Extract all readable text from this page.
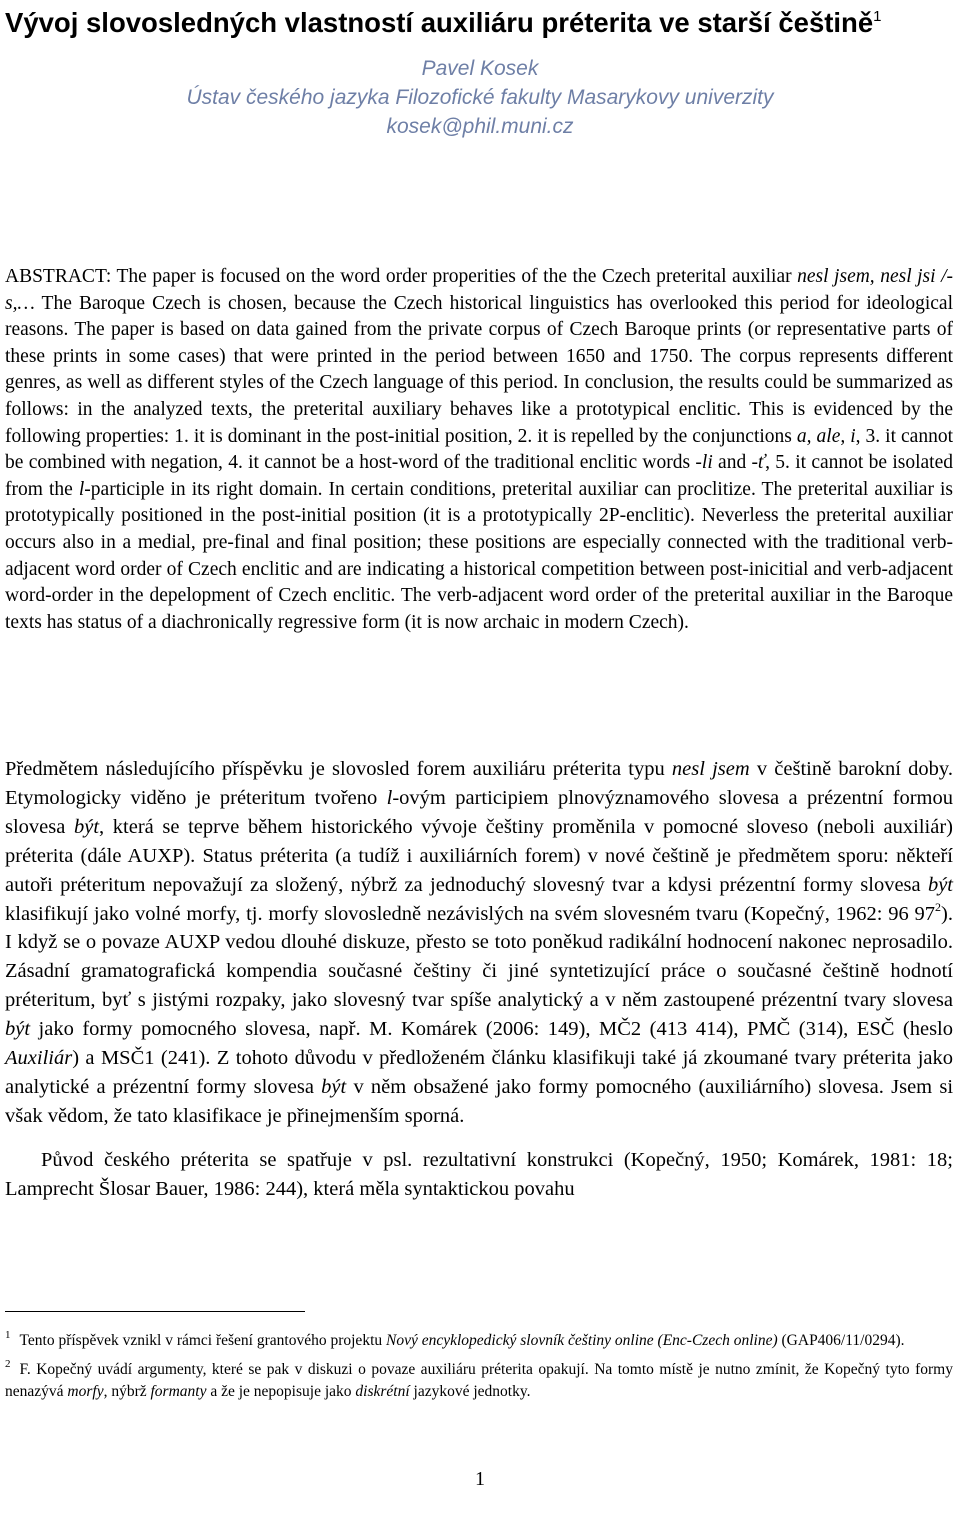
Vývoj slovosledných vlastností auxiliáru préterita ve starší češtině$^1$
Pavel Kosek
Ústav českého jazyka Filozofické fakulty Masarykovy univerzity
kosek@phil.muni.cz
ABSTRACT: The paper is focused on the word order properities of the the Czech preterital auxiliar nesl jsem, nesl jsi /-s,… The Baroque Czech is chosen, because the Czech historical linguistics has overlooked this period for ideological reasons. The paper is based on data gained from the private corpus of Czech Baroque prints (or representative parts of these prints in some cases) that were printed in the period between 1650 and 1750. The corpus represents different genres, as well as different styles of the Czech language of this period. In conclusion, the results could be summarized as follows: in the analyzed texts, the preterital auxiliary behaves like a prototypical enclitic. This is evidenced by the following properties: 1. it is dominant in the post-initial position, 2. it is repelled by the conjunctions a, ale, i, 3. it cannot be combined with negation, 4. it cannot be a host-word of the traditional enclitic words -li and -ť, 5. it cannot be isolated from the l-participle in its right domain. In certain conditions, preterital auxiliar can proclitize. The preterital auxiliar is prototypically positioned in the post-initial position (it is a prototypically 2P-enclitic). Neverless the preterital auxiliar occurs also in a medial, pre-final and final position; these positions are especially connected with the traditional verb-adjacent word order of Czech enclitic and are indicating a historical competition between post-inicitial and verb-adjacent word-order in the depelopment of Czech enclitic. The verb-adjacent word order of the preterital auxiliar in the Baroque texts has status of a diachronically regressive form (it is now archaic in modern Czech).

Předmětem následujícího příspěvku je slovosled forem auxiliáru préterita typu nesl jsem v češtině barokní doby. Etymologicky viděno je préteritum tvořeno l-ovým participiem plnovýznamového slovesa a prézentní formou slovesa být, která se teprve během historického vývoje češtiny proměnila v pomocné sloveso (neboli auxiliár) préterita (dále AUXP). Status préterita (a tudíž i auxiliárních forem) v nové češtině je předmětem sporu: někteří autoři préteritum nepovažují za složený, nýbrž za jednoduchý slovesný tvar a kdysi prézentní formy slovesa být klasifikují jako volné morfy, tj. morfy slovosledně nezávislých na svém slovesném tvaru (Kopečný, 1962: 96 $97^2$). I když se o povaze AUXP vedou dlouhé diskuze, přesto se toto poněkud radikální hodnocení nakonec neprosadilo. Zásadní gramatografická kompendia současné češtiny či jiné syntetizující práce o současné češtině hodnotí préteritum, byť s jistými rozpaky, jako slovesný tvar spíše analytický a v něm zastoupené prézentní tvary slovesa být jako formy pomocného slovesa, např. M. Komárek (2006: 149), MČ2 (413 414), PMČ (314), ESČ (heslo Auxiliár) a MSČ1 (241). Z tohoto důvodu v předloženém článku klasifikuji také já zkoumané tvary préterita jako analytické a prézentní formy slovesa být v něm obsažené jako formy pomocného (auxiliárního) slovesa. Jsem si však vědom, že tato klasifikace je přinejmenším sporná.

Původ českého préterita se spatřuje v psl. rezultativní konstrukci (Kopečný, 1950; Komárek, 1981: 18; Lamprecht Šlosar Bauer, 1986: 244), která měla syntaktickou povahu

$^1$ Tento příspěvek vznikl v rámci řešení grantového projektu Nový encyklopedický slovník češtiny online (Enc-Czech online) (GAP406/11/0294).

$^2$ F. Kopečný uvádí argumenty, které se pak v diskuzi o povaze auxiliáru préterita opakují. Na tomto místě je nutno zmínit, že Kopečný tyto formy nenazývá morfy, nýbrž formanty a že je nepopisuje jako diskrétní jazykové jednotky.

1
